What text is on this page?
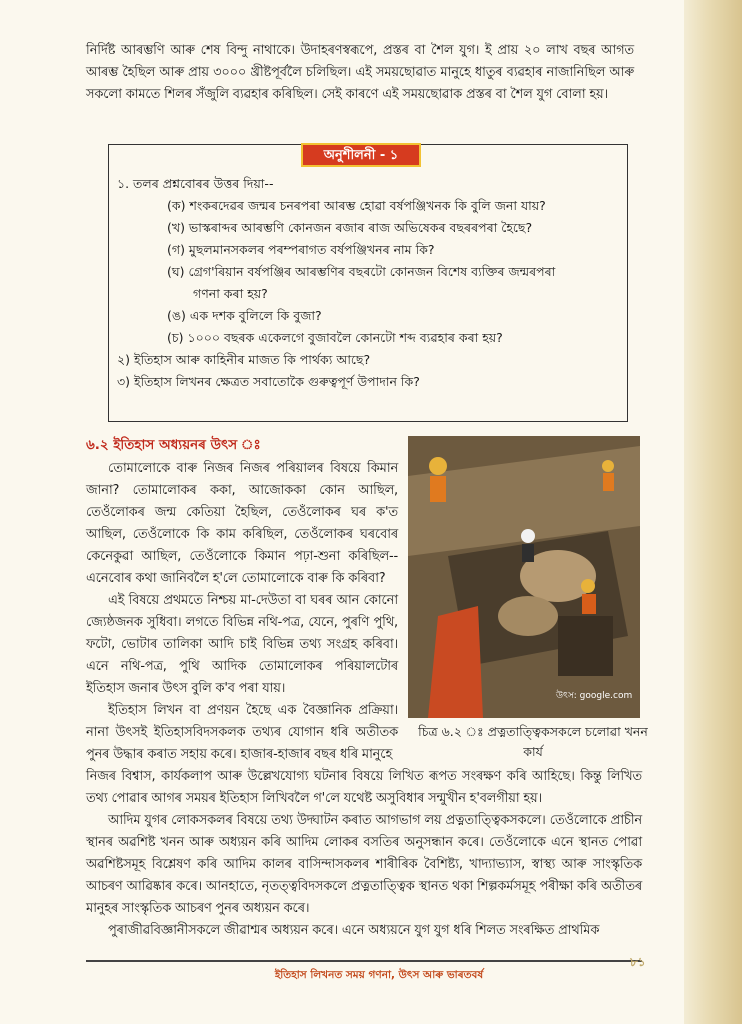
নির্দিষ্ট আৰম্ভণি আৰু শেষ বিন্দু নাথাকে। উদাহৰণস্বৰূপে, প্ৰস্তৰ বা শৈল যুগ। ই প্ৰায় ২০ লাখ বছৰ আগত আৰম্ভ হৈছিল আৰু প্ৰায় ৩০০০ খ্ৰীষ্টপূৰ্বলৈ চলিছিল। এই সময়ছোৱাত মানুহে ধাতুৰ ব্যৱহাৰ নাজানিছিল আৰু সকলো কামতে শিলৰ সঁজুলি ব্যৱহাৰ কৰিছিল। সেই কাৰণে এই সময়ছোৱাক প্ৰস্তৰ বা শৈল যুগ বোলা হয়।

অনুশীলনী - ১

১. তলৰ প্ৰশ্নবোৰৰ উত্তৰ দিয়া--

(ক) শংকৰদেৱৰ জন্মৰ চনৰপৰা আৰম্ভ হোৱা বৰ্ষপঞ্জিখনক কি বুলি জনা যায়?

(খ) ভাস্কৰাব্দৰ আৰম্ভণি কোনজন ৰজাৰ ৰাজ অভিষেকৰ বছৰৰপৰা হৈছে?

(গ) মুছলমানসকলৰ পৰম্পৰাগত বৰ্ষপঞ্জিখনৰ নাম কি?

(ঘ) গ্ৰেগ'ৰিয়ান বৰ্ষপঞ্জিৰ আৰম্ভণিৰ বছৰটো কোনজন বিশেষ ব্যক্তিৰ জন্মৰপৰা
গণনা কৰা হয়?

(ঙ) এক দশক বুলিলে কি বুজা?

(চ) ১০০০ বছৰক একেলগে বুজাবলৈ কোনটো শব্দ ব্যৱহাৰ কৰা হয়?

২) ইতিহাস আৰু কাহিনীৰ মাজত কি পাৰ্থক্য আছে?

৩) ইতিহাস লিখনৰ ক্ষেত্ৰত সবাতোকৈ গুৰুত্বপূৰ্ণ উপাদান কি?

৬.২ ইতিহাস অধ্যয়নৰ উৎস ঃ

তোমালোকে বাৰু নিজৰ নিজৰ পৰিয়ালৰ বিষয়ে কিমান জানা? তোমালোকৰ ককা, আজোককা কোন আছিল, তেওঁলোকৰ জন্ম কেতিয়া হৈছিল, তেওঁলোকৰ ঘৰ ক'ত আছিল, তেওঁলোকে কি কাম কৰিছিল, তেওঁলোকৰ ঘৰবোৰ কেনেকুৱা আছিল, তেওঁলোকে কিমান পঢ়া-শুনা কৰিছিল-- এনেবোৰ কথা জানিবলৈ হ'লে তোমালোকে বাৰু কি কৰিবা?

এই বিষয়ে প্ৰথমতে নিশ্চয় মা-দেউতা বা ঘৰৰ আন কোনো জ্যেষ্ঠজনক সুধিবা। লগতে বিভিন্ন নথি-পত্ৰ, যেনে, পুৰণি পুথি, ফটো, ভোটাৰ তালিকা আদি চাই বিভিন্ন তথ্য সংগ্ৰহ কৰিবা। এনে নথি-পত্ৰ, পুথি আদিক তোমালোকৰ পৰিয়ালটোৰ ইতিহাস জনাৰ উৎস বুলি ক'ব পৰা যায়।

ইতিহাস লিখন বা প্ৰণয়ন হৈছে এক বৈজ্ঞানিক প্ৰক্ৰিয়া। নানা উৎসই ইতিহাসবিদসকলক তথ্যৰ যোগান ধৰি অতীতক পুনৰ উদ্ধাৰ কৰাত সহায় কৰে। হাজাৰ-হাজাৰ বছৰ ধৰি মানুহে

উৎস: google.com
চিত্ৰ ৬.২ ঃ প্ৰত্নতাত্ত্বিকসকলে চলোৱা খনন কাৰ্য

নিজৰ বিশ্বাস, কাৰ্যকলাপ আৰু উল্লেখযোগ্য ঘটনাৰ বিষয়ে লিখিত ৰূপত সংৰক্ষণ কৰি আহিছে। কিন্তু লিখিত তথ্য পোৱাৰ আগৰ সময়ৰ ইতিহাস লিখিবলৈ গ'লে যথেষ্ট অসুবিধাৰ সন্মুখীন হ'বলগীয়া হয়।

আদিম যুগৰ লোকসকলৰ বিষয়ে তথ্য উদ্ঘাটন কৰাত আগভাগ লয় প্ৰত্নতাত্ত্বিকসকলে। তেওঁলোকে প্ৰাচীন স্থানৰ অৱশিষ্ট খনন আৰু অধ্যয়ন কৰি আদিম লোকৰ বসতিৰ অনুসন্ধান কৰে। তেওঁলোকে এনে স্থানত পোৱা অৱশিষ্টসমূহ বিশ্লেষণ কৰি আদিম কালৰ বাসিন্দাসকলৰ শাৰীৰিক বৈশিষ্ট্য, খাদ্যাভ্যাস, স্বাস্থ্য আৰু সাংস্কৃতিক আচৰণ আৱিষ্কাৰ কৰে। আনহাতে, নৃতত্ত্ববিদসকলে প্ৰত্নতাত্ত্বিক স্থানত থকা শিল্পকৰ্মসমূহ পৰীক্ষা কৰি অতীতৰ মানুহৰ সাংস্কৃতিক আচৰণ পুনৰ অধ্যয়ন কৰে।

পুৰাজীৱবিজ্ঞানীসকলে জীৱাশ্মৰ অধ্যয়ন কৰে। এনে অধ্যয়নে যুগ যুগ ধৰি শিলত সংৰক্ষিত প্ৰাথমিক

ইতিহাস লিখনত সময় গণনা, উৎস আৰু ভাৰতবৰ্ষ
৮১
